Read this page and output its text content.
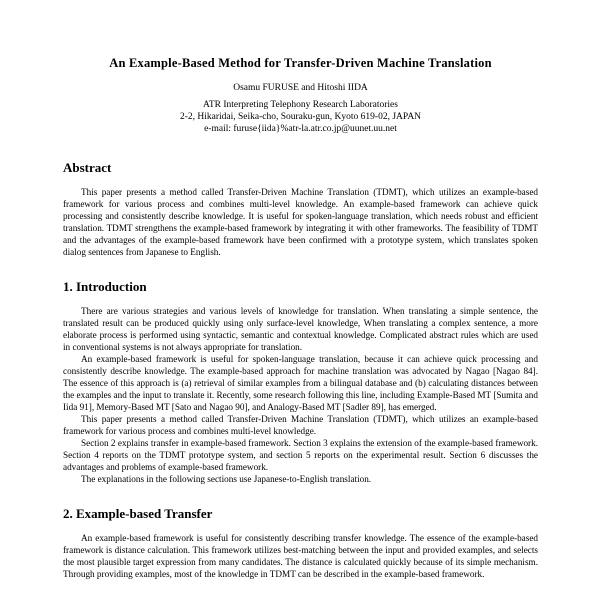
An Example-Based Method for Transfer-Driven Machine Translation
Osamu FURUSE and Hitoshi IIDA
ATR Interpreting Telephony Research Laboratories
2-2, Hikaridai, Seika-cho, Souraku-gun, Kyoto 619-02, JAPAN
e-mail: furuse{iida}%atr-la.atr.co.jp@uunet.uu.net
Abstract

This paper presents a method called Transfer-Driven Machine Translation (TDMT), which utilizes an example-based framework for various process and combines multi-level knowledge. An example-based framework can achieve quick processing and consistently describe knowledge. It is useful for spoken-language translation, which needs robust and efficient translation. TDMT strengthens the example-based framework by integrating it with other frameworks. The feasibility of TDMT and the advantages of the example-based framework have been confirmed with a prototype system, which translates spoken dialog sentences from Japanese to English.

1. Introduction

There are various strategies and various levels of knowledge for translation. When translating a simple sentence, the translated result can be produced quickly using only surface-level knowledge, When translating a complex sentence, a more elaborate process is performed using syntactic, semantic and contextual knowledge. Complicated abstract rules which are used in conventional systems is not always appropriate for translation.

An example-based framework is useful for spoken-language translation, because it can achieve quick processing and consistently describe knowledge. The example-based approach for machine translation was advocated by Nagao [Nagao 84]. The essence of this approach is (a) retrieval of similar examples from a bilingual database and (b) calculating distances between the examples and the input to translate it. Recently, some research following this line, including Example-Based MT [Sumita and Iida 91], Memory-Based MT [Sato and Nagao 90], and Analogy-Based MT [Sadler 89], has emerged.

This paper presents a method called Transfer-Driven Machine Translation (TDMT), which utilizes an example-based framework for various process and combines multi-level knowledge.

Section 2 explains transfer in example-based framework. Section 3 explains the extension of the example-based framework. Section 4 reports on the TDMT prototype system, and section 5 reports on the experimental result. Section 6 discusses the advantages and problems of example-based framework.

The explanations in the following sections use Japanese-to-English translation.

2. Example-based Transfer

An example-based framework is useful for consistently describing transfer knowledge. The essence of the example-based framework is distance calculation. This framework utilizes best-matching between the input and provided examples, and selects the most plausible target expression from many candidates. The distance is calculated quickly because of its simple mechanism. Through providing examples, most of the knowledge in TDMT can be described in the example-based framework.
